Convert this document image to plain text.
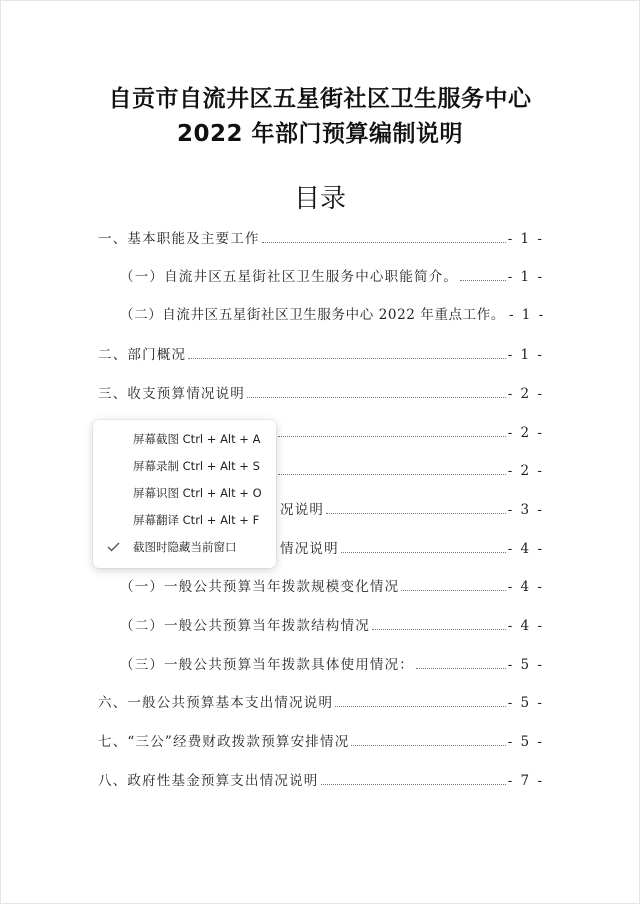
自贡市自流井区五星街社区卫生服务中心
2022 年部门预算编制说明
目录
一、基本职能及主要工作	- 1 -
（一）自流井区五星街社区卫生服务中心职能简介。	- 1 -
（二）自流井区五星街社区卫生服务中心 2022 年重点工作。 - 1 -
二、部门概况	- 1 -
三、收支预算情况说明	- 2 -
- 2 -
- 2 -
况说明	- 3 -
情况说明	- 4 -
（一）一般公共预算当年拨款规模变化情况	- 4 -
（二）一般公共预算当年拨款结构情况	- 4 -
（三）一般公共预算当年拨款具体使用情况：	- 5 -
六、一般公共预算基本支出情况说明	- 5 -
七、“三公”经费财政拨款预算安排情况	- 5 -
八、政府性基金预算支出情况说明	- 7 -
屏幕截图 Ctrl + Alt + A
屏幕录制 Ctrl + Alt + S
屏幕识图 Ctrl + Alt + O
屏幕翻译 Ctrl + Alt + F
截图时隐藏当前窗口
